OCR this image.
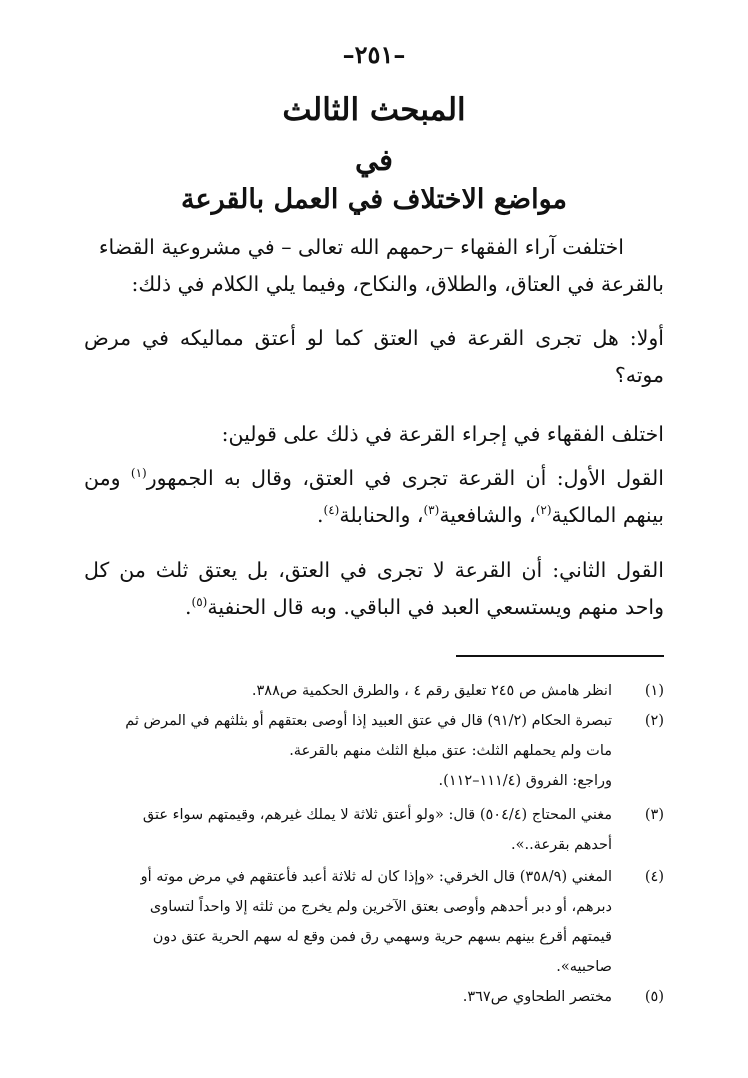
–٢٥١–
المبحث الثالث
في
مواضع الاختلاف في العمل بالقرعة
اختلفت آراء الفقهاء –رحمهم الله تعالى – في مشروعية القضاء
بالقرعة في العتاق، والطلاق، والنكاح، وفيما يلي الكلام في ذلك:

أولا: هل تجرى القرعة في العتق كما لو أعتق مماليكه في مرض موته؟

اختلف الفقهاء في إجراء القرعة في ذلك على قولين:

القول الأول: أن القرعة تجرى في العتق، وقال به الجمهور$^{(١)}$ ومن بينهم المالكية$^{(٢)}$، والشافعية$^{(٣)}$، والحنابلة$^{(٤)}$.

القول الثاني: أن القرعة لا تجرى في العتق، بل يعتق ثلث من كل واحد منهم ويستسعي العبد في الباقي. وبه قال الحنفية$^{(٥)}$.

(١)
انظر هامش ص ٢٤٥ تعليق رقم ٤ ، والطرق الحكمية ص٣٨٨.
(٢)
تبصرة الحكام (٩١/٢) قال في عتق العبيد إذا أوصى بعتقهم أو بثلثهم في المرض ثم
مات ولم يحملهم الثلث: عتق مبلغ الثلث منهم بالقرعة.
وراجع: الفروق (١١١/٤–١١٢).
(٣)
مغني المحتاج (٥٠٤/٤) قال: «ولو أعتق ثلاثة لا يملك غيرهم، وقيمتهم سواء عتق
أحدهم بقرعة..».
(٤)
المغني (٣٥٨/٩) قال الخرقي: «وإذا كان له ثلاثة أعبد فأعتقهم في مرض موته أو
دبرهم، أو دبر أحدهم وأوصى بعتق الآخرين ولم يخرج من ثلثه إلا واحداً لتساوى
قيمتهم أقرع بينهم بسهم حرية وسهمي رق فمن وقع له سهم الحرية عتق دون
صاحبيه».
(٥)
مختصر الطحاوي ص٣٦٧.
